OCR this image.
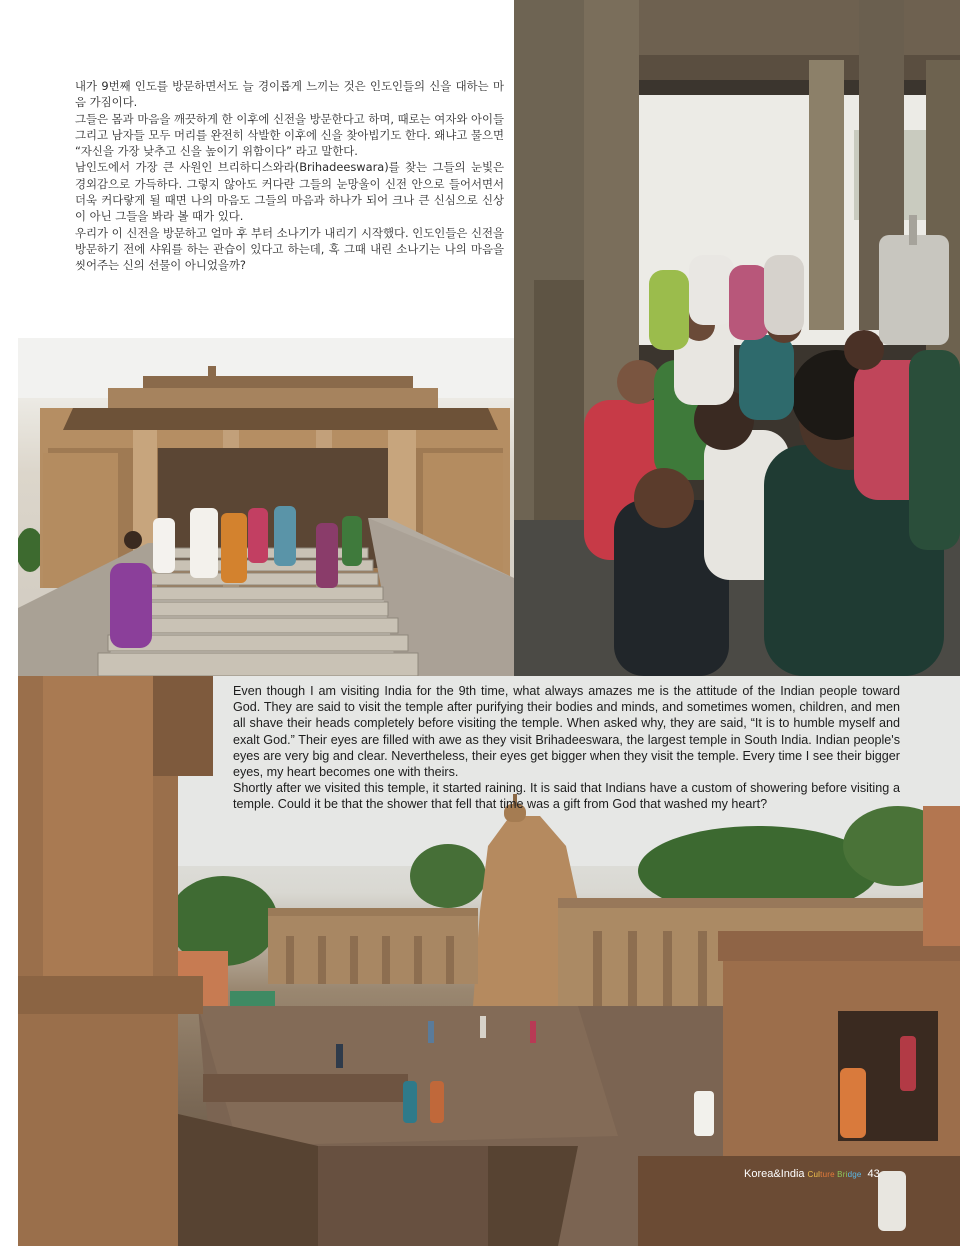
내가 9번째 인도를 방문하면서도 늘 경이롭게 느끼는 것은 인도인들의 신을 대하는 마음 가짐이다.

그들은 몸과 마음을 깨끗하게 한 이후에 신전을 방문한다고 하며, 때로는 여자와 아이들 그리고 남자들 모두 머리를 완전히 삭발한 이후에 신을 찾아빕기도 한다. 왜냐고 물으면 “자신을 가장 낮추고 신을 높이기 위함이다” 라고 말한다.

남인도에서 가장 큰 사원인 브리하디스와라(Brihadeeswara)를 찾는 그들의 눈빛은 경외감으로 가득하다. 그렇지 않아도 커다란 그들의 눈망울이 신전 안으로 들어서면서 더욱 커다랗게 될 때면 나의 마음도 그들의 마음과 하나가 되어 크나 큰 신심으로 신상이 아닌 그들을 봐라 볼 때가 있다.

우리가 이 신전을 방문하고 얼마 후 부터 소나기가 내리기 시작했다. 인도인들은 신전을 방문하기 전에 샤워를 하는 관습이 있다고 하는데, 혹 그때 내린 소나기는 나의 마음을 씻어주는 신의 선물이 아니었을까?

Even though I am visiting India for the 9th time, what always amazes me is the attitude of the Indian people toward God. They are said to visit the temple after purifying their bodies and minds, and sometimes women, children, and men all shave their heads completely before visiting the temple. When asked why, they are said, “It is to humble myself and exalt God.” Their eyes are filled with awe as they visit Brihadeeswara, the largest temple in South India. Indian people's eyes are very big and clear. Nevertheless, their eyes get bigger when they visit the temple. Every time I see their bigger eyes, my heart becomes one with theirs.

Shortly after we visited this temple, it started raining. It is said that Indians have a custom of showering before visiting a temple. Could it be that the shower that fell that time was a gift from God that washed my heart?

Korea&India Culture Bridge 43
